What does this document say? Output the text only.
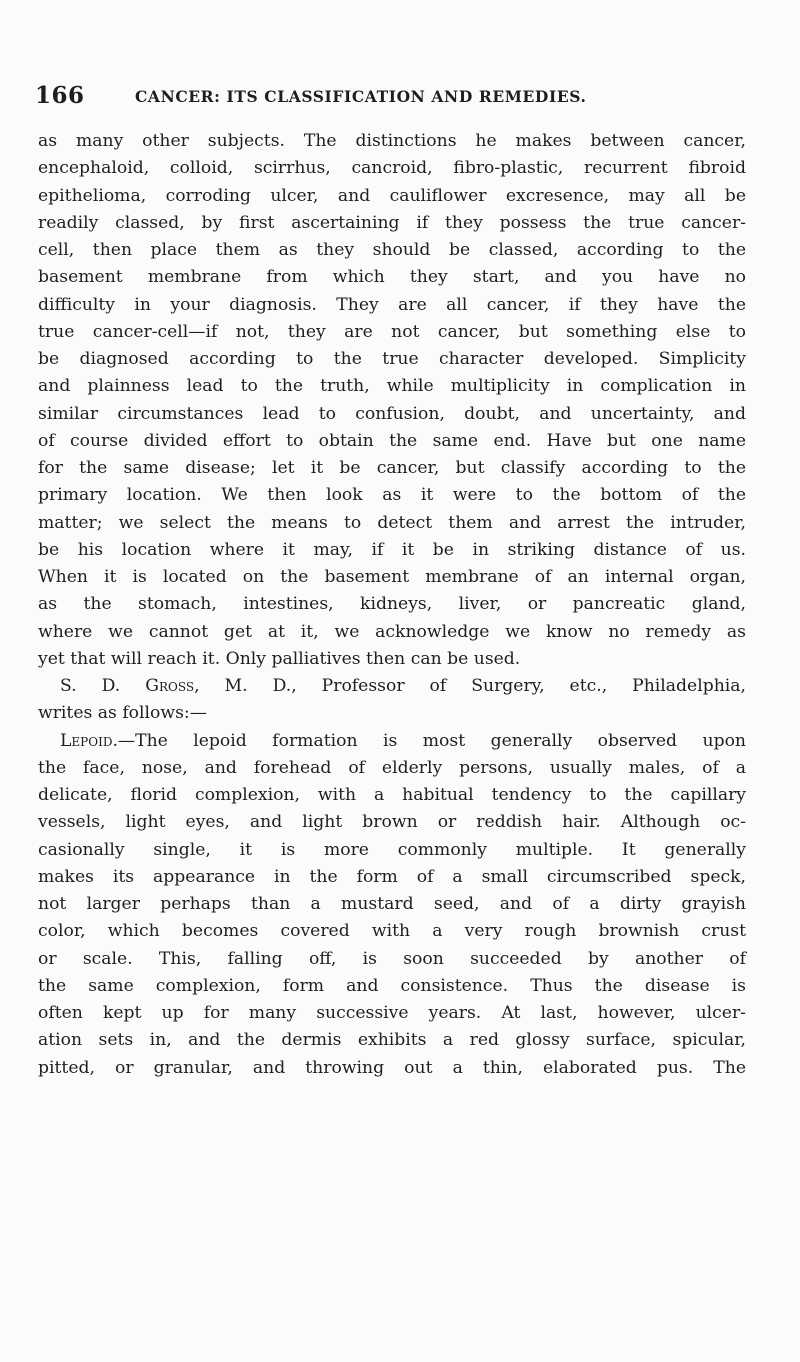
166	CANCER: ITS CLASSIFICATION AND REMEDIES.
as many other subjects. The distinctions he makes between cancer,
encephaloid, colloid, scirrhus, cancroid, fibro-plastic, recurrent fibroid
epithelioma, corroding ulcer, and cauliflower excresence, may all be
readily classed, by first ascertaining if they possess the true cancer-
cell, then place them as they should be classed, according to the
basement membrane from which they start, and you have no
difficulty in your diagnosis. They are all cancer, if they have the
true cancer-cell—if not, they are not cancer, but something else to
be diagnosed according to the true character developed. Simplicity
and plainness lead to the truth, while multiplicity in complication in
similar circumstances lead to confusion, doubt, and uncertainty, and
of course divided effort to obtain the same end. Have but one name
for the same disease; let it be cancer, but classify according to the
primary location. We then look as it were to the bottom of the
matter; we select the means to detect them and arrest the intruder,
be his location where it may, if it be in striking distance of us.
When it is located on the basement membrane of an internal organ,
as the stomach, intestines, kidneys, liver, or pancreatic gland,
where we cannot get at it, we acknowledge we know no remedy as
yet that will reach it. Only palliatives then can be used.
S. D. Gross, M. D., Professor of Surgery, etc., Philadelphia,
writes as follows:—
Lepoid.—The lepoid formation is most generally observed upon
the face, nose, and forehead of elderly persons, usually males, of a
delicate, florid complexion, with a habitual tendency to the capillary
vessels, light eyes, and light brown or reddish hair. Although oc-
casionally single, it is more commonly multiple. It generally
makes its appearance in the form of a small circumscribed speck,
not larger perhaps than a mustard seed, and of a dirty grayish
color, which becomes covered with a very rough brownish crust
or scale. This, falling off, is soon succeeded by another of
the same complexion, form and consistence. Thus the disease is
often kept up for many successive years. At last, however, ulcer-
ation sets in, and the dermis exhibits a red glossy surface, spicular,
pitted, or granular, and throwing out a thin, elaborated pus. The
